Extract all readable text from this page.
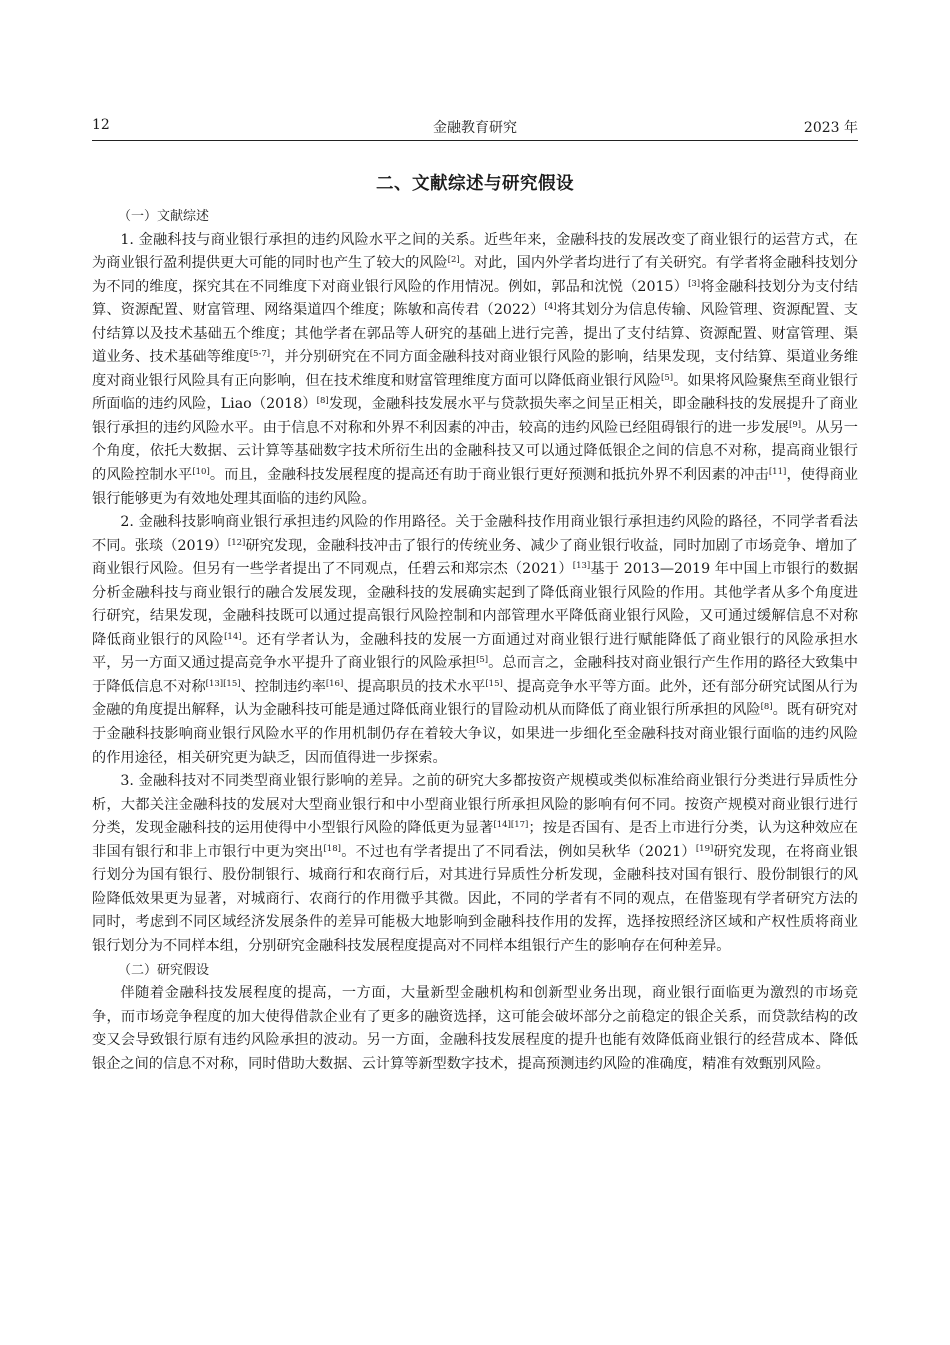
12	金融教育研究	2023 年
二、文献综述与研究假设

（一）文献综述

1. 金融科技与商业银行承担的违约风险水平之间的关系。近些年来，金融科技的发展改变了商业银行的运营方式，在为商业银行盈利提供更大可能的同时也产生了较大的风险[2]。对此，国内外学者均进行了有关研究。有学者将金融科技划分为不同的维度，探究其在不同维度下对商业银行风险的作用情况。例如，郭品和沈悦（2015）[3]将金融科技划分为支付结算、资源配置、财富管理、网络渠道四个维度；陈敏和高传君（2022）[4]将其划分为信息传输、风险管理、资源配置、支付结算以及技术基础五个维度；其他学者在郭品等人研究的基础上进行完善，提出了支付结算、资源配置、财富管理、渠道业务、技术基础等维度[5-7]，并分别研究在不同方面金融科技对商业银行风险的影响，结果发现，支付结算、渠道业务维度对商业银行风险具有正向影响，但在技术维度和财富管理维度方面可以降低商业银行风险[5]。如果将风险聚焦至商业银行所面临的违约风险，Liao（2018）[8]发现，金融科技发展水平与贷款损失率之间呈正相关，即金融科技的发展提升了商业银行承担的违约风险水平。由于信息不对称和外界不利因素的冲击，较高的违约风险已经阻碍银行的进一步发展[9]。从另一个角度，依托大数据、云计算等基础数字技术所衍生出的金融科技又可以通过降低银企之间的信息不对称，提高商业银行的风险控制水平[10]。而且，金融科技发展程度的提高还有助于商业银行更好预测和抵抗外界不利因素的冲击[11]，使得商业银行能够更为有效地处理其面临的违约风险。

2. 金融科技影响商业银行承担违约风险的作用路径。关于金融科技作用商业银行承担违约风险的路径，不同学者看法不同。张琰（2019）[12]研究发现，金融科技冲击了银行的传统业务、减少了商业银行收益，同时加剧了市场竞争、增加了商业银行风险。但另有一些学者提出了不同观点，任碧云和郑宗杰（2021）[13]基于 2013—2019 年中国上市银行的数据分析金融科技与商业银行的融合发展发现，金融科技的发展确实起到了降低商业银行风险的作用。其他学者从多个角度进行研究，结果发现，金融科技既可以通过提高银行风险控制和内部管理水平降低商业银行风险，又可通过缓解信息不对称降低商业银行的风险[14]。还有学者认为，金融科技的发展一方面通过对商业银行进行赋能降低了商业银行的风险承担水平，另一方面又通过提高竞争水平提升了商业银行的风险承担[5]。总而言之，金融科技对商业银行产生作用的路径大致集中于降低信息不对称[13][15]、控制违约率[16]、提高职员的技术水平[15]、提高竞争水平等方面。此外，还有部分研究试图从行为金融的角度提出解释，认为金融科技可能是通过降低商业银行的冒险动机从而降低了商业银行所承担的风险[8]。既有研究对于金融科技影响商业银行风险水平的作用机制仍存在着较大争议，如果进一步细化至金融科技对商业银行面临的违约风险的作用途径，相关研究更为缺乏，因而值得进一步探索。

3. 金融科技对不同类型商业银行影响的差异。之前的研究大多都按资产规模或类似标准给商业银行分类进行异质性分析，大都关注金融科技的发展对大型商业银行和中小型商业银行所承担风险的影响有何不同。按资产规模对商业银行进行分类，发现金融科技的运用使得中小型银行风险的降低更为显著[14][17]；按是否国有、是否上市进行分类，认为这种效应在非国有银行和非上市银行中更为突出[18]。不过也有学者提出了不同看法，例如吴秋华（2021）[19]研究发现，在将商业银行划分为国有银行、股份制银行、城商行和农商行后，对其进行异质性分析发现，金融科技对国有银行、股份制银行的风险降低效果更为显著，对城商行、农商行的作用微乎其微。因此，不同的学者有不同的观点，在借鉴现有学者研究方法的同时，考虑到不同区域经济发展条件的差异可能极大地影响到金融科技作用的发挥，选择按照经济区域和产权性质将商业银行划分为不同样本组，分别研究金融科技发展程度提高对不同样本组银行产生的影响存在何种差异。

（二）研究假设

伴随着金融科技发展程度的提高，一方面，大量新型金融机构和创新型业务出现，商业银行面临更为激烈的市场竞争，而市场竞争程度的加大使得借款企业有了更多的融资选择，这可能会破坏部分之前稳定的银企关系，而贷款结构的改变又会导致银行原有违约风险承担的波动。另一方面，金融科技发展程度的提升也能有效降低商业银行的经营成本、降低银企之间的信息不对称，同时借助大数据、云计算等新型数字技术，提高预测违约风险的准确度，精准有效甄别风险。
